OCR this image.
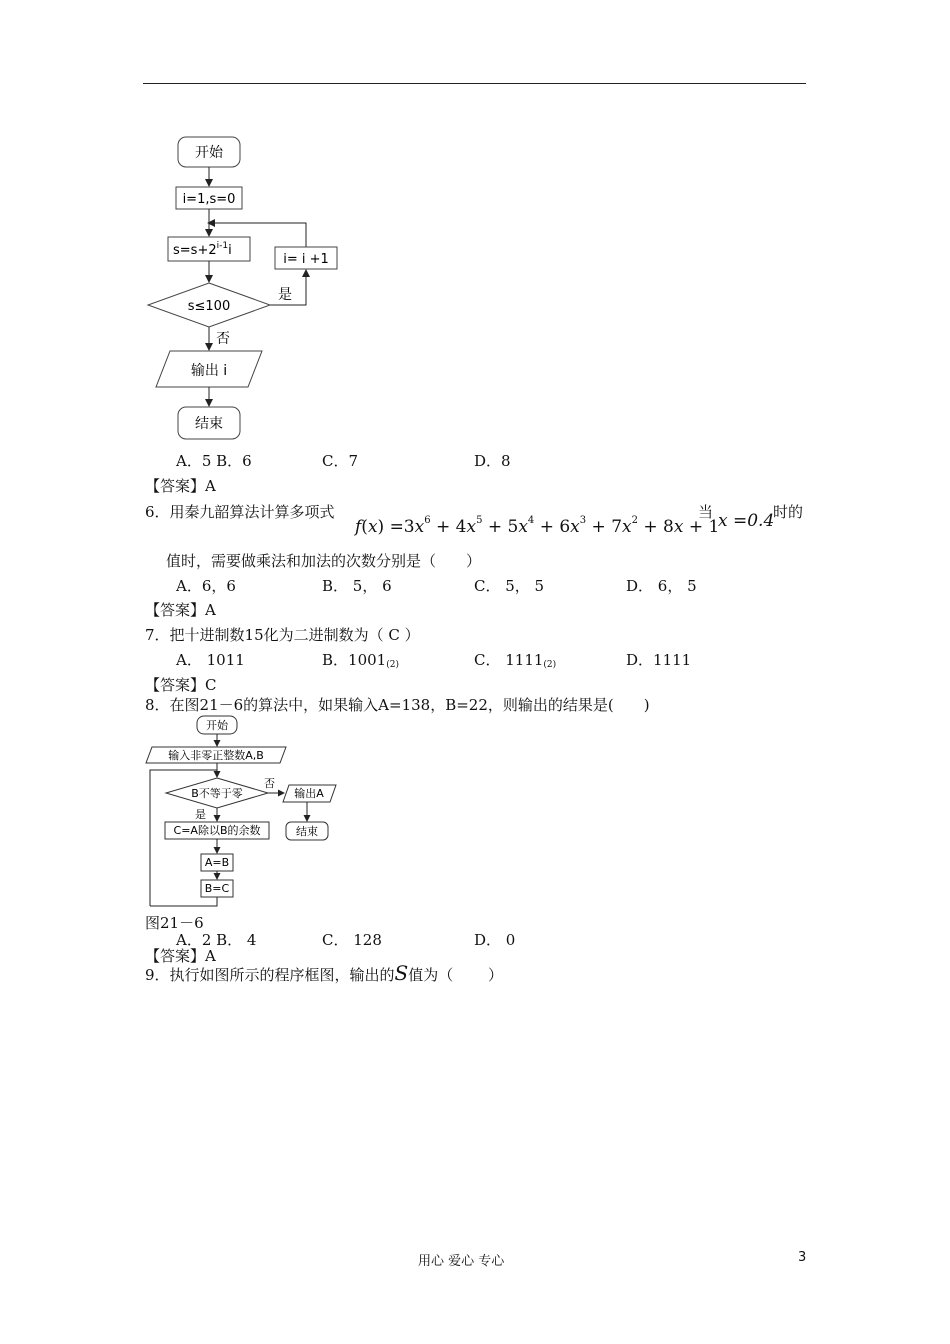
开始
i=1,s=0
$s=s+2^{i-1}i$
i= i +1
s≤100
是
否
输出 i
结束
A．5 B．6	C．7	D．8
【答案】A
6．用秦九韶算法计算多项式
$f(x) =3x^6 + 4x^5 + 5x^4 + 6x^3 + 7x^2 + 8x + 1$
当 x =0.4
时的
值时，需要做乘法和加法的次数分别是（　　）
A．6，6	B． 5， 6	C． 5， 5	D． 6， 5
【答案】A
7．把十进制数15化为二进制数为（ C ）
A． 1011	B．1001(2)	C． 1111(2)	D．1111
【答案】C
8．在图21－6的算法中，如果输入A=138，B=22，则输出的结果是(　　)
开始
输入非零正整数A,B
B不等于零
否
输出A
结束
是
C=A除以B的余数
A=B
B=C
图21－6
A．2 B． 4	C． 128	D． 0
【答案】A
9．执行如图所示的程序框图，输出的S值为（　　 ）
用心 爱心 专心	3
